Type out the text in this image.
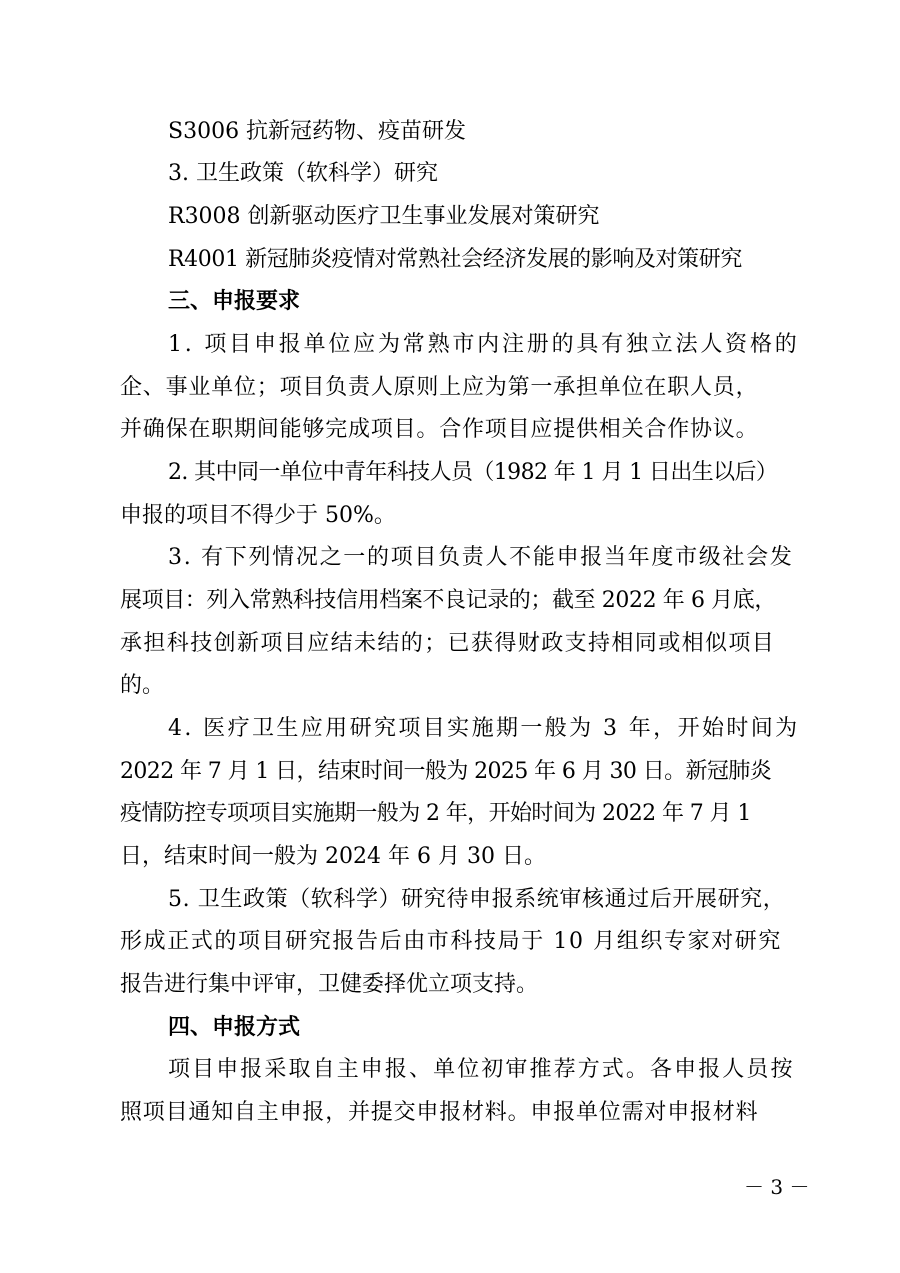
S3006 抗新冠药物、疫苗研发

3. 卫生政策（软科学）研究

R3008 创新驱动医疗卫生事业发展对策研究

R4001 新冠肺炎疫情对常熟社会经济发展的影响及对策研究

三、申报要求

1. 项目申报单位应为常熟市内注册的具有独立法人资格的

企、事业单位；项目负责人原则上应为第一承担单位在职人员，

并确保在职期间能够完成项目。合作项目应提供相关合作协议。

2. 其中同一单位中青年科技人员（1982 年 1 月 1 日出生以后）

申报的项目不得少于 50%。

3. 有下列情况之一的项目负责人不能申报当年度市级社会发

展项目：列入常熟科技信用档案不良记录的；截至 2022 年 6 月底，

承担科技创新项目应结未结的；已获得财政支持相同或相似项目

的。

4. 医疗卫生应用研究项目实施期一般为 3 年，开始时间为

2022 年 7 月 1 日，结束时间一般为 2025 年 6 月 30 日。新冠肺炎

疫情防控专项项目实施期一般为 2 年，开始时间为 2022 年 7 月 1

日，结束时间一般为 2024 年 6 月 30 日。

5. 卫生政策（软科学）研究待申报系统审核通过后开展研究，

形成正式的项目研究报告后由市科技局于 10 月组织专家对研究

报告进行集中评审，卫健委择优立项支持。

四、申报方式

项目申报采取自主申报、单位初审推荐方式。各申报人员按

照项目通知自主申报，并提交申报材料。申报单位需对申报材料

－ 3 －
